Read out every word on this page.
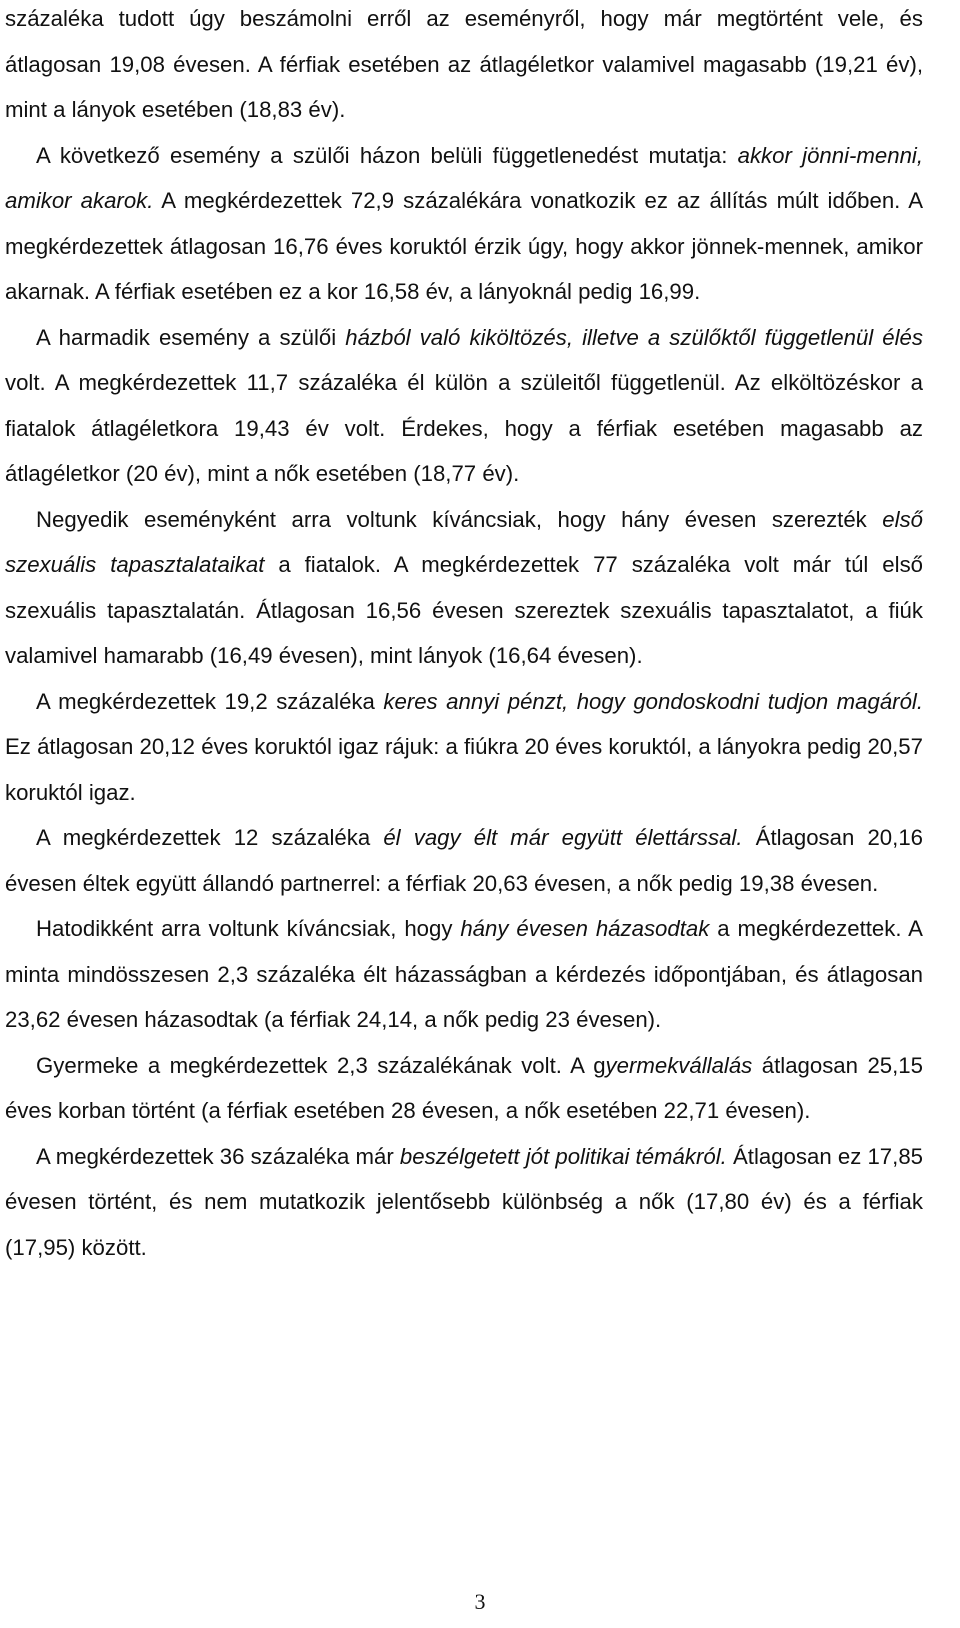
százaléka tudott úgy beszámolni erről az eseményről, hogy már megtörtént vele, és átlagosan 19,08 évesen. A férfiak esetében az átlagéletkor valamivel magasabb (19,21 év), mint a lányok esetében (18,83 év).

A következő esemény a szülői házon belüli függetlenedést mutatja: akkor jönni-menni, amikor akarok. A megkérdezettek 72,9 százalékára vonatkozik ez az állítás múlt időben. A megkérdezettek átlagosan 16,76 éves koruktól érzik úgy, hogy akkor jönnek-mennek, amikor akarnak. A férfiak esetében ez a kor 16,58 év, a lányoknál pedig 16,99.

A harmadik esemény a szülői házból való kiköltözés, illetve a szülőktől függetlenül élés volt. A megkérdezettek 11,7 százaléka él külön a szüleitől függetlenül. Az elköltözéskor a fiatalok átlagéletkora 19,43 év volt. Érdekes, hogy a férfiak esetében magasabb az átlagéletkor (20 év), mint a nők esetében (18,77 év).

Negyedik eseményként arra voltunk kíváncsiak, hogy hány évesen szerezték első szexuális tapasztalataikat a fiatalok. A megkérdezettek 77 százaléka volt már túl első szexuális tapasztalatán. Átlagosan 16,56 évesen szereztek szexuális tapasztalatot, a fiúk valamivel hamarabb (16,49 évesen), mint lányok (16,64 évesen).

A megkérdezettek 19,2 százaléka keres annyi pénzt, hogy gondoskodni tudjon magáról. Ez átlagosan 20,12 éves koruktól igaz rájuk: a fiúkra 20 éves koruktól, a lányokra pedig 20,57 koruktól igaz.

A megkérdezettek 12 százaléka él vagy élt már együtt élettárssal. Átlagosan 20,16 évesen éltek együtt állandó partnerrel: a férfiak 20,63 évesen, a nők pedig 19,38 évesen.

Hatodikként arra voltunk kíváncsiak, hogy hány évesen házasodtak a megkérdezettek. A minta mindösszesen 2,3 százaléka élt házasságban a kérdezés időpontjában, és átlagosan 23,62 évesen házasodtak (a férfiak 24,14, a nők pedig 23 évesen).

Gyermeke a megkérdezettek 2,3 százalékának volt. A gyermekvállalás átlagosan 25,15 éves korban történt (a férfiak esetében 28 évesen, a nők esetében 22,71 évesen).

A megkérdezettek 36 százaléka már beszélgetett jót politikai témákról. Átlagosan ez 17,85 évesen történt, és nem mutatkozik jelentősebb különbség a nők (17,80 év) és a férfiak (17,95) között.

3
